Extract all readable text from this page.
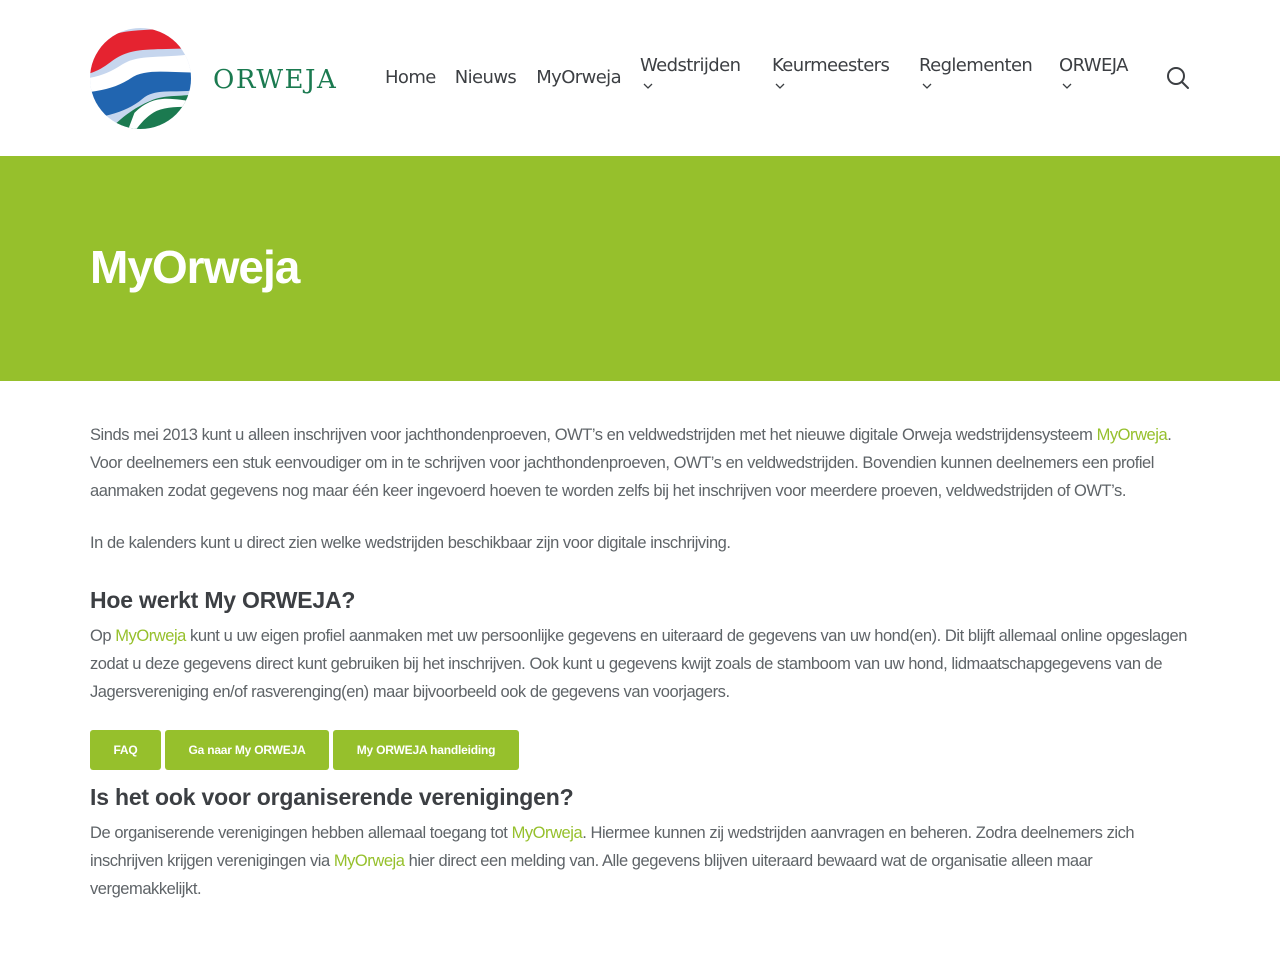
ORWEJA	Home Nieuws MyOrweja
Wedstrijden	Keurmeesters	Reglementen	ORWEJA
MyOrweja

Sinds mei 2013 kunt u alleen inschrijven voor jachthondenproeven, OWT’s en veldwedstrijden met het nieuwe digitale Orweja wedstrijdensysteem MyOrweja. Voor deelnemers een stuk eenvoudiger om in te schrijven voor jachthondenproeven, OWT’s en veldwedstrijden. Bovendien kunnen deelnemers een profiel aanmaken zodat gegevens nog maar één keer ingevoerd hoeven te worden zelfs bij het inschrijven voor meerdere proeven, veldwedstrijden of OWT’s.

In de kalenders kunt u direct zien welke wedstrijden beschikbaar zijn voor digitale inschrijving.

Hoe werkt My ORWEJA?

Op MyOrweja kunt u uw eigen profiel aanmaken met uw persoonlijke gegevens en uiteraard de gegevens van uw hond(en). Dit blijft allemaal online opgeslagen zodat u deze gegevens direct kunt gebruiken bij het inschrijven. Ook kunt u gegevens kwijt zoals de stamboom van uw hond, lidmaatschapgegevens van de Jagersvereniging en/of rasverenging(en) maar bijvoorbeeld ook de gegevens van voorjagers.

FAQ	Ga naar My ORWEJA	My ORWEJA handleiding
Is het ook voor organiserende verenigingen?

De organiserende verenigingen hebben allemaal toegang tot MyOrweja. Hiermee kunnen zij wedstrijden aanvragen en beheren. Zodra deelnemers zich inschrijven krijgen verenigingen via MyOrweja hier direct een melding van. Alle gegevens blijven uiteraard bewaard wat de organisatie alleen maar vergemakkelijkt.
